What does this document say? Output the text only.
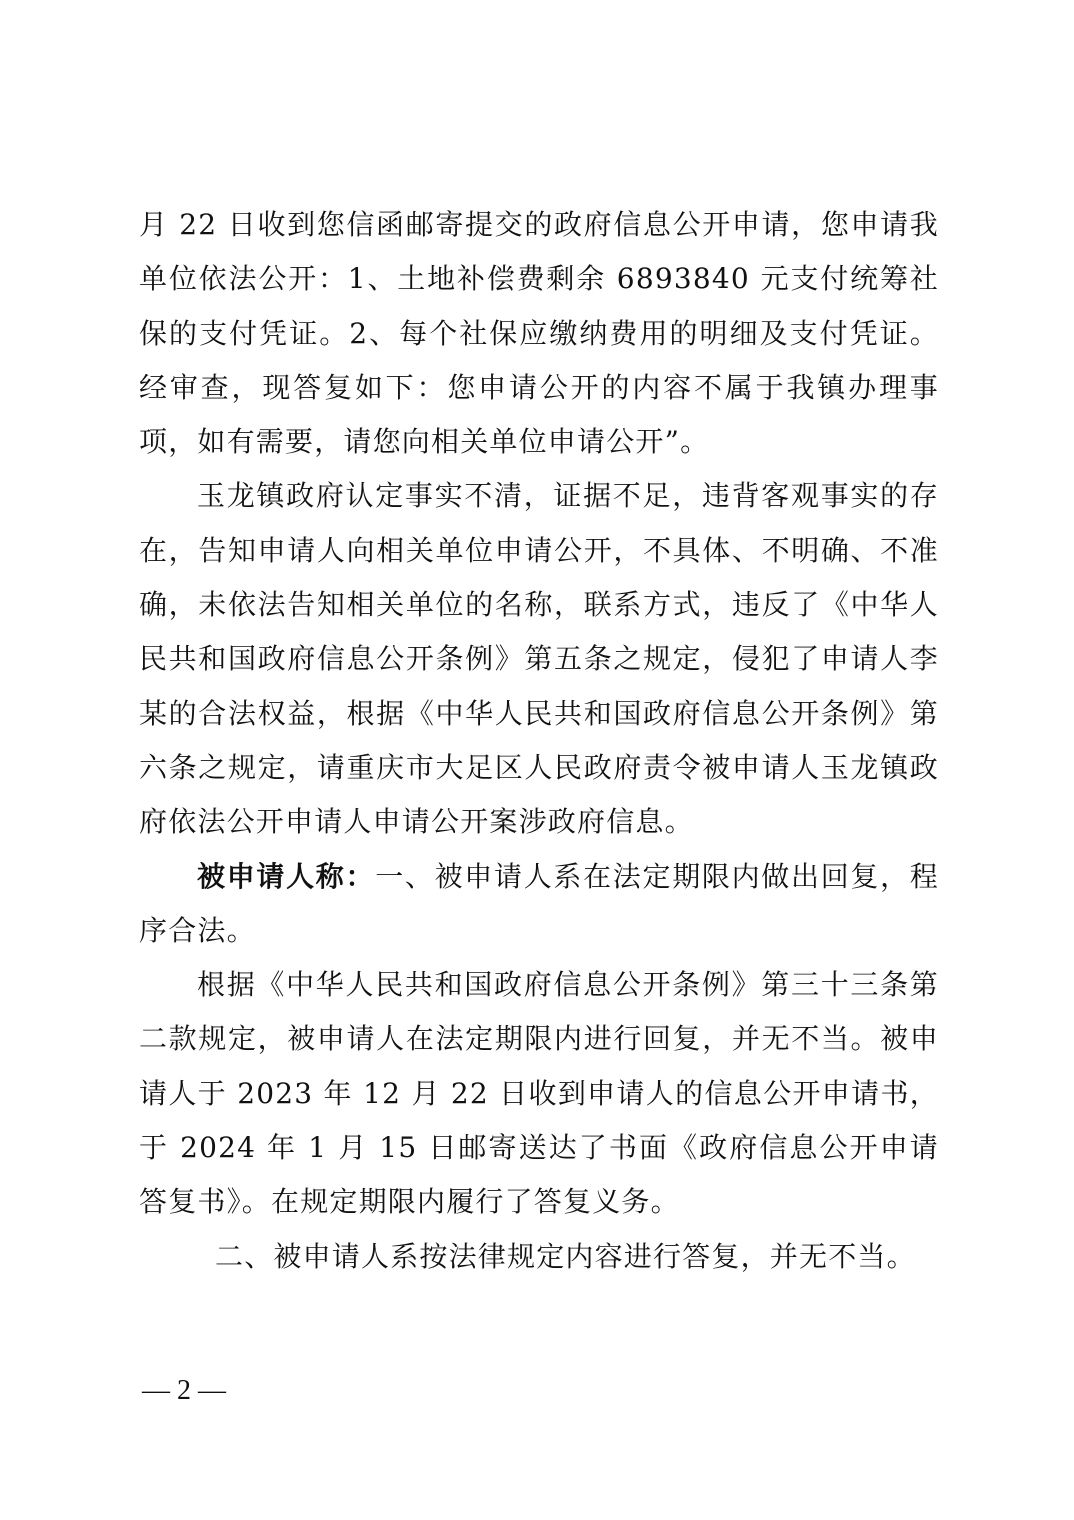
月 22 日收到您信函邮寄提交的政府信息公开申请，您申请我单位依法公开：1、土地补偿费剩余 6893840 元支付统筹社保的支付凭证。2、每个社保应缴纳费用的明细及支付凭证。经审查，现答复如下：您申请公开的内容不属于我镇办理事项，如有需要，请您向相关单位申请公开”。

玉龙镇政府认定事实不清，证据不足，违背客观事实的存在，告知申请人向相关单位申请公开，不具体、不明确、不准确，未依法告知相关单位的名称，联系方式，违反了《中华人民共和国政府信息公开条例》第五条之规定，侵犯了申请人李某的合法权益，根据《中华人民共和国政府信息公开条例》第六条之规定，请重庆市大足区人民政府责令被申请人玉龙镇政府依法公开申请人申请公开案涉政府信息。

被申请人称：一、被申请人系在法定期限内做出回复，程序合法。

根据《中华人民共和国政府信息公开条例》第三十三条第二款规定，被申请人在法定期限内进行回复，并无不当。被申请人于 2023 年 12 月 22 日收到申请人的信息公开申请书，于 2024 年 1 月 15 日邮寄送达了书面《政府信息公开申请答复书》。在规定期限内履行了答复义务。

二、被申请人系按法律规定内容进行答复，并无不当。

— 2 —
